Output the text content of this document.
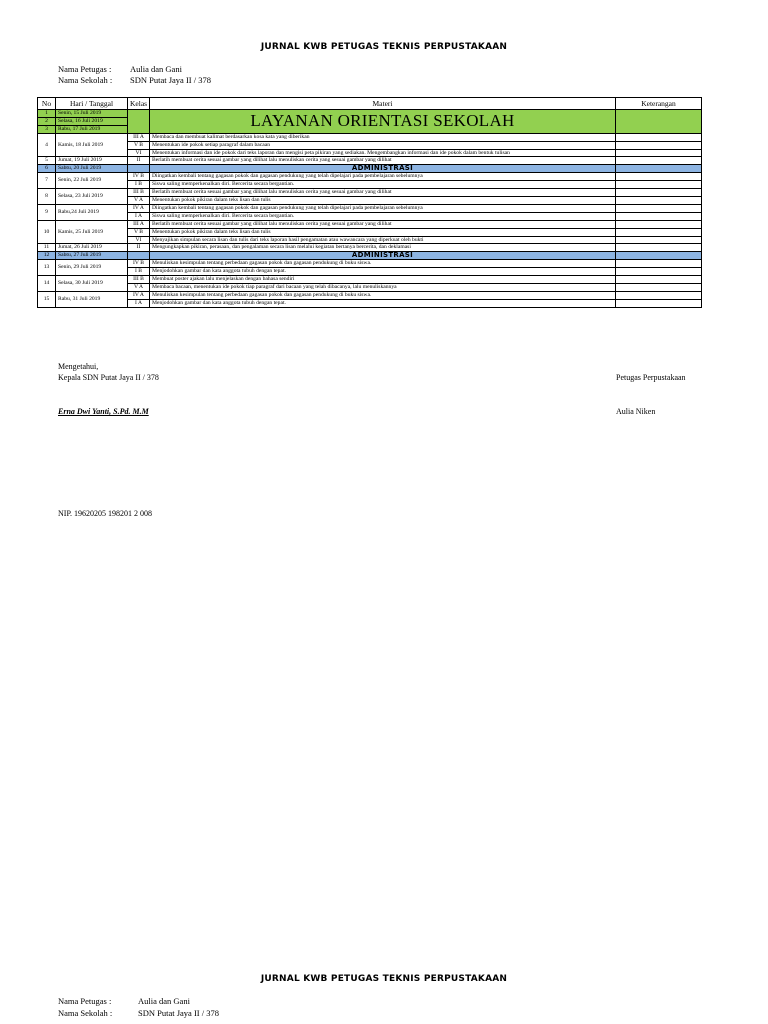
JURNAL KWB PETUGAS TEKNIS PERPUSTAKAAN
Nama Petugas : Aulia dan Gani
Nama Sekolah : SDN Putat Jaya II / 378
No	Hari / Tanggal	Kelas	Materi	Keterangan
1	Senin, 15 Juli 2019		LAYANAN ORIENTASI SEKOLAH	
2	Selasa, 16 Juli 2019			
3	Rabu, 17 Juli 2019			
4	Kamis, 18 Juli 2019	III A	Membaca dan membuat kalimat berdasarkan kosa kata yang diberikan	
		V B	Menentukan ide pokok setiap paragraf dalam bacaan	
		VI	Menentukan informasi dan ide pokok dari teks laporan dan mengisi peta pikiran yang sediakan. Mengembangkan informasi dan ide pokok dalam bentuk tulisan	
5	Jumat, 19 Juli 2019	II	Berlatih membuat cerita sesuai gambar yang dilihat lalu menuliskan cerita yang sesuai gambar yang dilihat	
6	Sabtu, 20 Juli 2019		ADMINISTRASI	
7	Senin, 22 Juli 2019	IV B	Diingatkan kembali tentang gagasan pokok dan gagasan pendukung yang telah dipelajari pada pembelajaran sebelumnya	
		I B	Siswa saling memperkenalkan diri. Bercerita secara bergantian.	
8	Selasa, 23 Juli 2019	III B	Berlatih membuat cerita sesuai gambar yang dilihat lalu menuliskan cerita yang sesuai gambar yang dilihat	
		V A	Menentukan pokok pikiran dalam teks lisan dan tulis	
9	Rabu,24 Juli 2019	IV A	Diingatkan kembali tentang gagasan pokok dan gagasan pendukung yang telah dipelajari pada pembelajaran sebelumnya	
		I A	Siswa saling memperkenalkan diri. Bercerita secara bergantian.	
10	Kamis, 25 Juli 2019	III A	Berlatih membuat cerita sesuai gambar yang dilihat lalu menuliskan cerita yang sesuai gambar yang dilihat	
		V B	Menentukan pokok pikiran dalam teks lisan dan tulis	
		VI	Menyajikan simpulan secara lisan dan tulis dari teks laporan hasil pengamatan atau wawancara yang diperkuat oleh bukti	
11	Jumat, 26 Juli 2019	II	Mengungkapkan pikiran, perasaan, dan pengalaman secara lisan melalui kegiatan bertanya bercerita, dan deklamasi	
12	Sabtu, 27 Juli 2019		ADMINISTRASI	
13	Senin, 29 Juli 2019	IV B	Menuliskan kesimpulan tentang perbedaan gagasan pokok dan gagasan pendukung di buku siswa.	
		I B	Menjodohkan gambar dan kata anggota tubuh dengan tepat.	
14	Selasa, 30 Juli 2019	III B	Membuat poster ajakan lalu menjelaskan dengan bahasa sendiri	
		V A	Membaca bacaan, menentukan ide pokok tiap paragraf dari bacaan yang telah dibacanya, lalu menuliskannya	
15	Rabu, 31 Juli 2019	IV A	Menuliskan kesimpulan tentang perbedaan gagasan pokok dan gagasan pendukung di buku siswa.	
		I A	Menjodohkan gambar dan kata anggota tubuh dengan tepat.	
Mengetahui,
Kepala SDN Putat Jaya II / 378	Petugas Perpustakaan
Erna Dwi Yanti, S.Pd. M.M	Aulia Niken
NIP. 19620205 198201 2 008
JURNAL KWB PETUGAS TEKNIS PERPUSTAKAAN
Nama Petugas :	Aulia dan Gani
Nama Sekolah :	SDN Putat Jaya II / 378
